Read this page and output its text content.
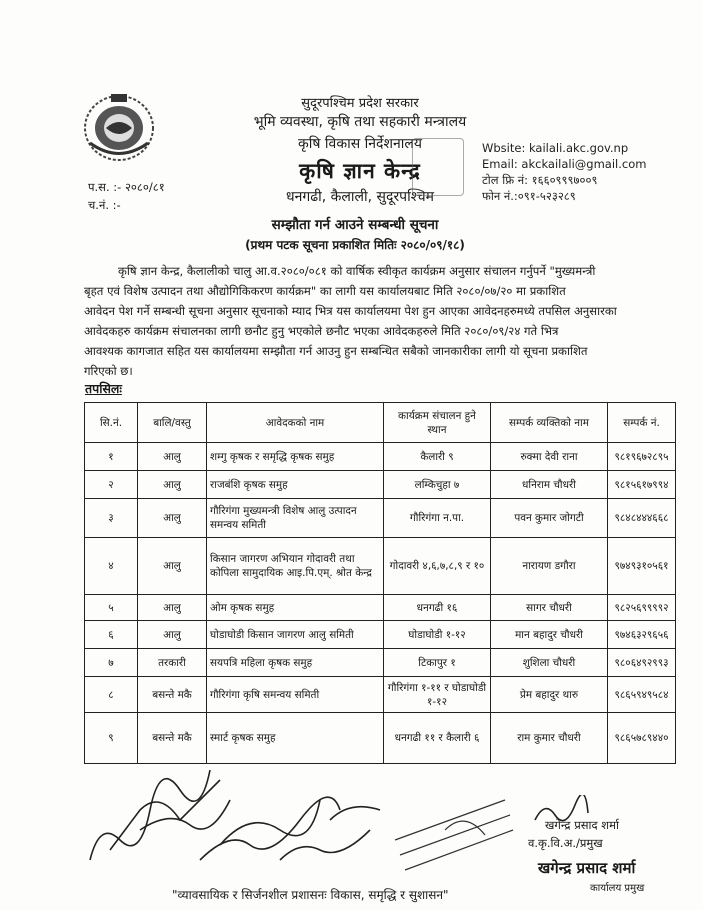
सुदूरपश्चिम प्रदेश सरकार
भूमि व्यवस्था, कृषि तथा सहकारी मन्त्रालय
कृषि विकास निर्देशनालय
कृषि ज्ञान केन्द्र
धनगढी, कैलाली, सुदूरपश्चिम
Wbsite: kailali.akc.gov.np
Email: akckailali@gmail.com
टोल फ्रि नं: १६६०९९९७००९
फोन नं.:०९१-५२३२८९
प.स. :- २०८०/८१
च.नं. :-
सम्झौता गर्न आउने सम्बन्धी सूचना
(प्रथम पटक सूचना प्रकाशित मितिः २०८०/०९/१८)
कृषि ज्ञान केन्द्र, कैलालीको चालु आ.व.२०८०/०८१ को वार्षिक स्वीकृत कार्यक्रम अनुसार संचालन गर्नुपर्ने "मुख्यमन्त्री
बृहत एवं विशेष उत्पादन तथा औद्योगिकिकरण कार्यक्रम" का लागी यस कार्यालयबाट मिति २०८०/०७/२० मा प्रकाशित
आवेदन पेश गर्ने सम्बन्धी सूचना अनुसार सूचनाको म्याद भित्र यस कार्यालयमा पेश हुन आएका आवेदनहरुमध्ये तपसिल अनुसारका
आवेदकहरु कार्यक्रम संचालनका लागी छनौट हुनु भएकोले छनौट भएका आवेदकहरुले मिति २०८०/०९/२४ गते भित्र
आवश्यक कागजात सहित यस कार्यालयमा सम्झौता गर्न आउनु हुन सम्बन्धित सबैको जानकारीका लागी यो सूचना प्रकाशित
गरिएको छ।
तपसिलः
सि.नं.	बालि/वस्तु	आवेदकको नाम	कार्यक्रम संचालन हुने स्थान	सम्पर्क व्यक्तिको नाम	सम्पर्क नं.
१	आलु	शम्गु कृषक र समृद्धि कृषक समुह	कैलारी ९	रुक्मा देवी राना	९८१९६७२८९५
२	आलु	राजबंशि कृषक समुह	लम्किचुहा ७	धनिराम चौधरी	९८१५६१७९९४
३	आलु	गौरिगंगा मुख्यमन्त्री विशेष आलु उत्पादन समन्वय समिती	गौरिगंगा न.पा.	पवन कुमार जोगटी	९८४८४४४६६८
४	आलु	किसान जागरण अभियान गोदावरी तथा कोपिला सामुदायिक आइ.पि.एम्. श्रोत केन्द्र	गोदावरी ४,६,७,८,९ र १०	नारायण डगौरा	९७४९३१०५६१
५	आलु	ओम कृषक समुह	धनगढी १६	सागर चौधरी	९८२५६९९९९२
६	आलु	घोडाघोडी किसान जागरण आलु समिती	घोडाघोडी १-१२	मान बहादुर चौधरी	९७४६३२९६५६
७	तरकारी	सयपत्रि महिला कृषक समुह	टिकापुर १	शुशिला चौधरी	९८०६४९२९९३
८	बसन्ते मकै	गौरिगंगा कृषि समन्वय समिती	गौरिगंगा १-११ र घोडाघोडी १-१२	प्रेम बहादुर थारु	९८६५९४९५८४
९	बसन्ते मकै	स्मार्ट कृषक समुह	धनगढी ११ र कैलारी ६	राम कुमार चौधरी	९८६५७८९४४०
खगेन्द्र प्रसाद शर्मा
व.कृ.वि.अ./प्रमुख
खगेन्द्र प्रसाद शर्मा
कार्यालय प्रमुख
"व्यावसायिक र सिर्जनशील प्रशासनः विकास, समृद्धि र सुशासन"
